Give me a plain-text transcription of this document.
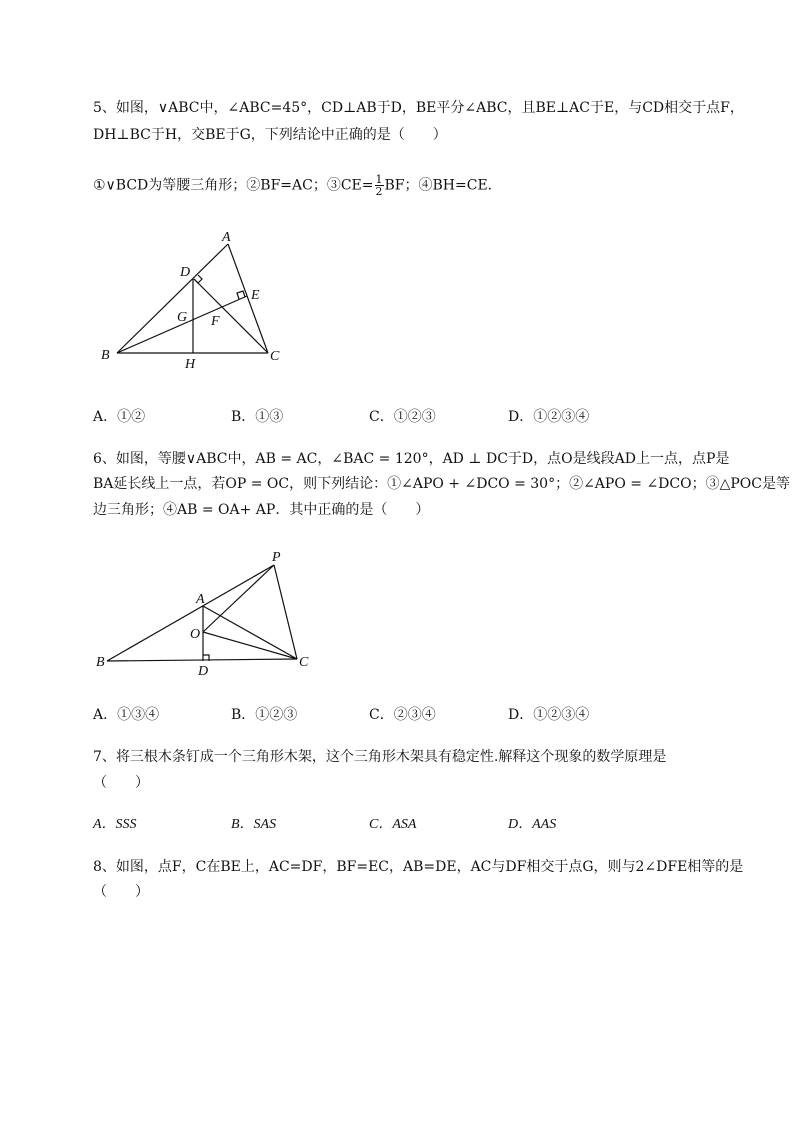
5、如图，∨ABC中，∠ABC=45°，CD⊥AB于D，BE平分∠ABC，且BE⊥AC于E，与CD相交于点F，
DH⊥BC于H，交BE于G，下列结论中正确的是（　　）
①∨BCD为等腰三角形；②BF=AC；③CE= $\frac{1}{2}$ BF；④BH=CE.
A
D
E
G F
B
H
C
A．①②	B．①③	C．①②③	D．①②③④
6、如图，等腰∨ABC中，AB = AC，∠BAC = 120°，AD ⊥ DC于D，点O是线段AD上一点，点P是
BA延长线上一点，若OP = OC，则下列结论：①∠APO + ∠DCO = 30°；②∠APO = ∠DCO；③△POC是等
边三角形；④AB = OA+ AP．其中正确的是（　　）
P
A
O
B
D
C
A．①③④	B．①②③	C．②③④	D．①②③④
7、将三根木条钉成一个三角形木架，这个三角形木架具有稳定性.解释这个现象的数学原理是
（　　）
A．SSS	B．SAS	C．ASA	D．AAS
8、如图，点F，C在BE上，AC=DF，BF=EC，AB=DE，AC与DF相交于点G，则与2∠DFE相等的是
（　　）
